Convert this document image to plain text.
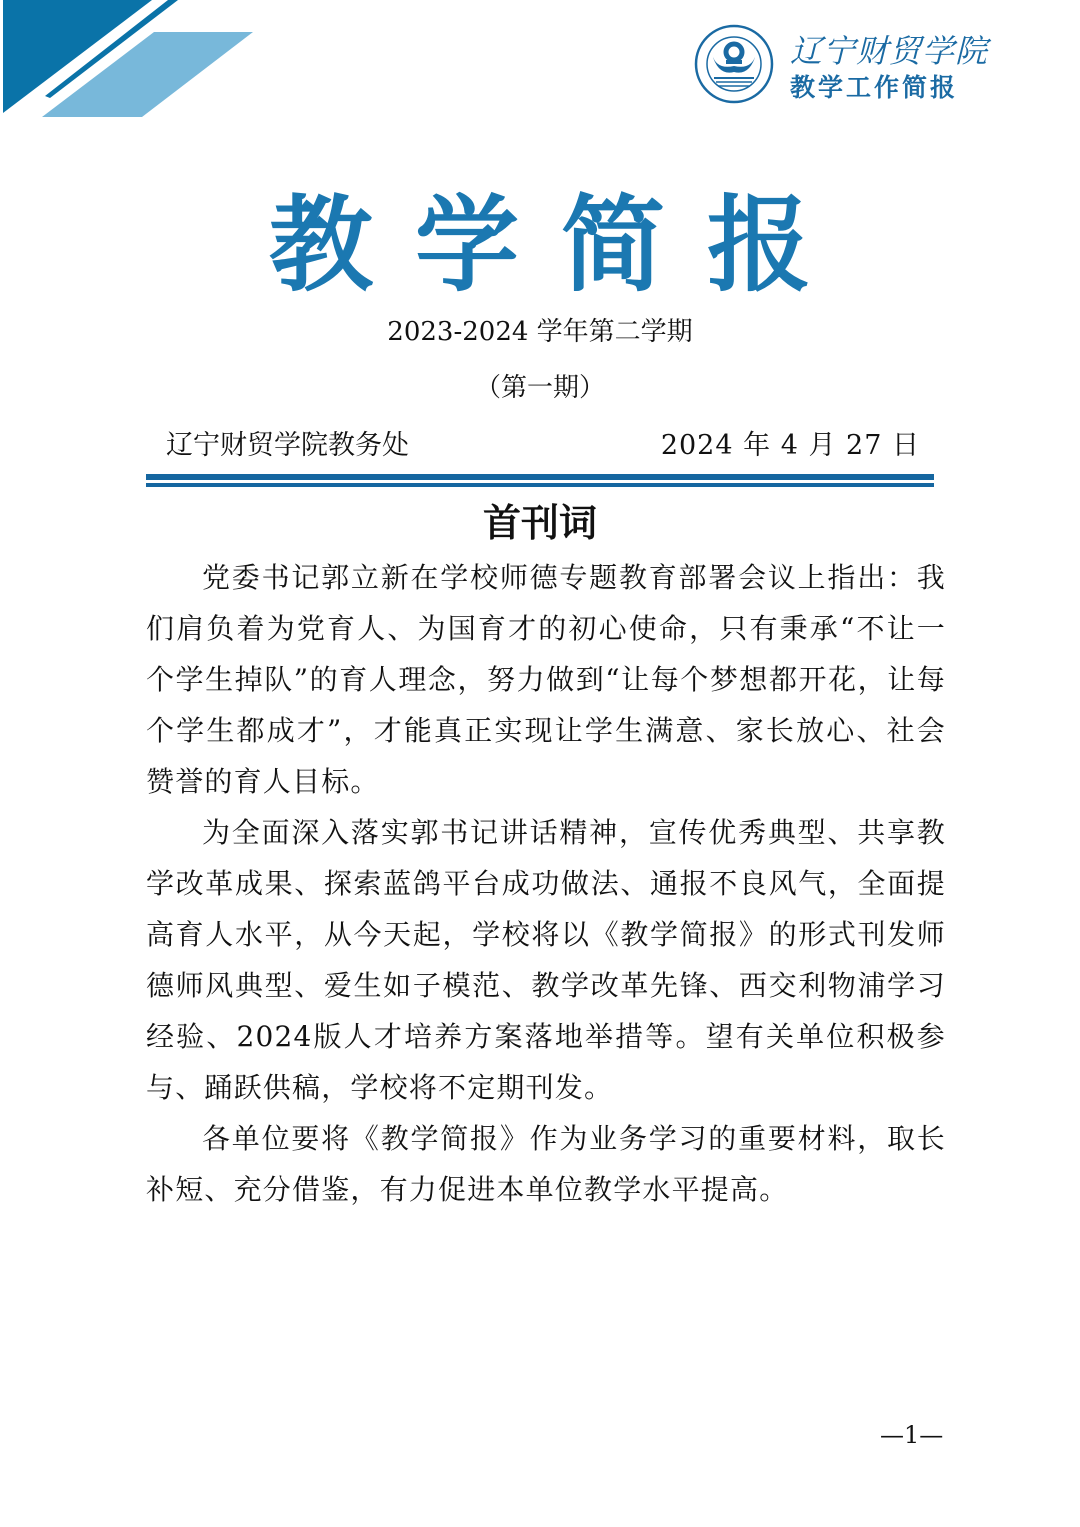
辽宁财贸学院
教学工作简报
教学简报
2023-2024 学年第二学期
（第一期）
辽宁财贸学院教务处	2024 年 4 月 27 日
首刊词

党委书记郭立新在学校师德专题教育部署会议上指出：我们肩负着为党育人、为国育才的初心使命，只有秉承“不让一个学生掉队”的育人理念，努力做到“让每个梦想都开花，让每个学生都成才”，才能真正实现让学生满意、家长放心、社会赞誉的育人目标。

为全面深入落实郭书记讲话精神，宣传优秀典型、共享教学改革成果、探索蓝鸽平台成功做法、通报不良风气，全面提高育人水平，从今天起，学校将以《教学简报》的形式刊发师德师风典型、爱生如子模范、教学改革先锋、西交利物浦学习经验、2024版人才培养方案落地举措等。望有关单位积极参与、踊跃供稿，学校将不定期刊发。

各单位要将《教学简报》作为业务学习的重要材料，取长补短、充分借鉴，有力促进本单位教学水平提高。

—1—
